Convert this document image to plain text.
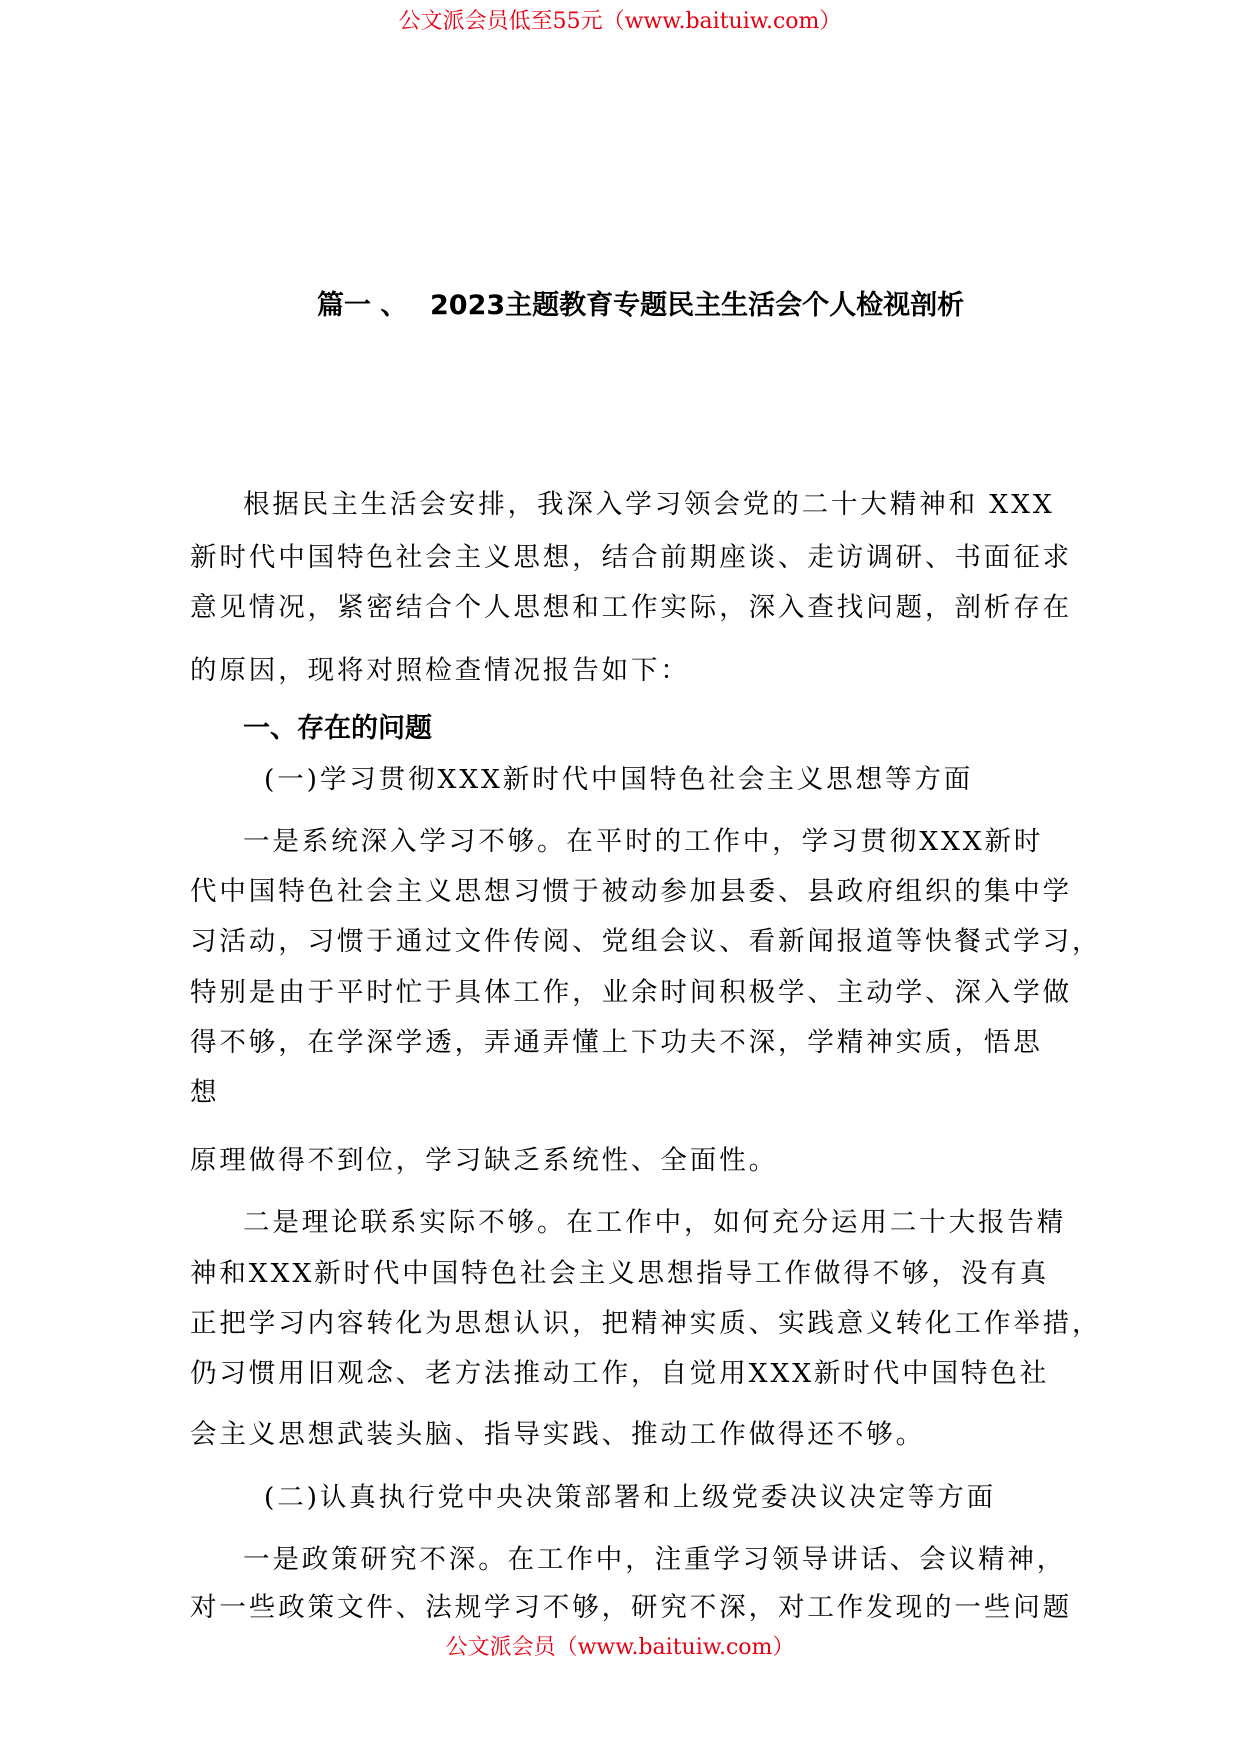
公文派会员低至55元（www.baituiw.com）
篇一 、 2023主题教育专题民主生活会个人检视剖析
根据民主生活会安排，我深入学习领会党的二十大精神和 XXX
新时代中国特色社会主义思想，结合前期座谈、走访调研、书面征求
意见情况，紧密结合个人思想和工作实际，深入查找问题，剖析存在
的原因，现将对照检查情况报告如下：
一、存在的问题
(一)学习贯彻XXX新时代中国特色社会主义思想等方面
一是系统深入学习不够。在平时的工作中，学习贯彻XXX新时
代中国特色社会主义思想习惯于被动参加县委、县政府组织的集中学
习活动，习惯于通过文件传阅、党组会议、看新闻报道等快餐式学习，
特别是由于平时忙于具体工作，业余时间积极学、主动学、深入学做
得不够，在学深学透，弄通弄懂上下功夫不深，学精神实质，悟思
想
原理做得不到位，学习缺乏系统性、全面性。
二是理论联系实际不够。在工作中，如何充分运用二十大报告精
神和XXX新时代中国特色社会主义思想指导工作做得不够，没有真
正把学习内容转化为思想认识，把精神实质、实践意义转化工作举措，
仍习惯用旧观念、老方法推动工作，自觉用XXX新时代中国特色社
会主义思想武装头脑、指导实践、推动工作做得还不够。
(二)认真执行党中央决策部署和上级党委决议决定等方面
一是政策研究不深。在工作中，注重学习领导讲话、会议精神，
对一些政策文件、法规学习不够，研究不深，对工作发现的一些问题
公文派会员（www.baituiw.com）
